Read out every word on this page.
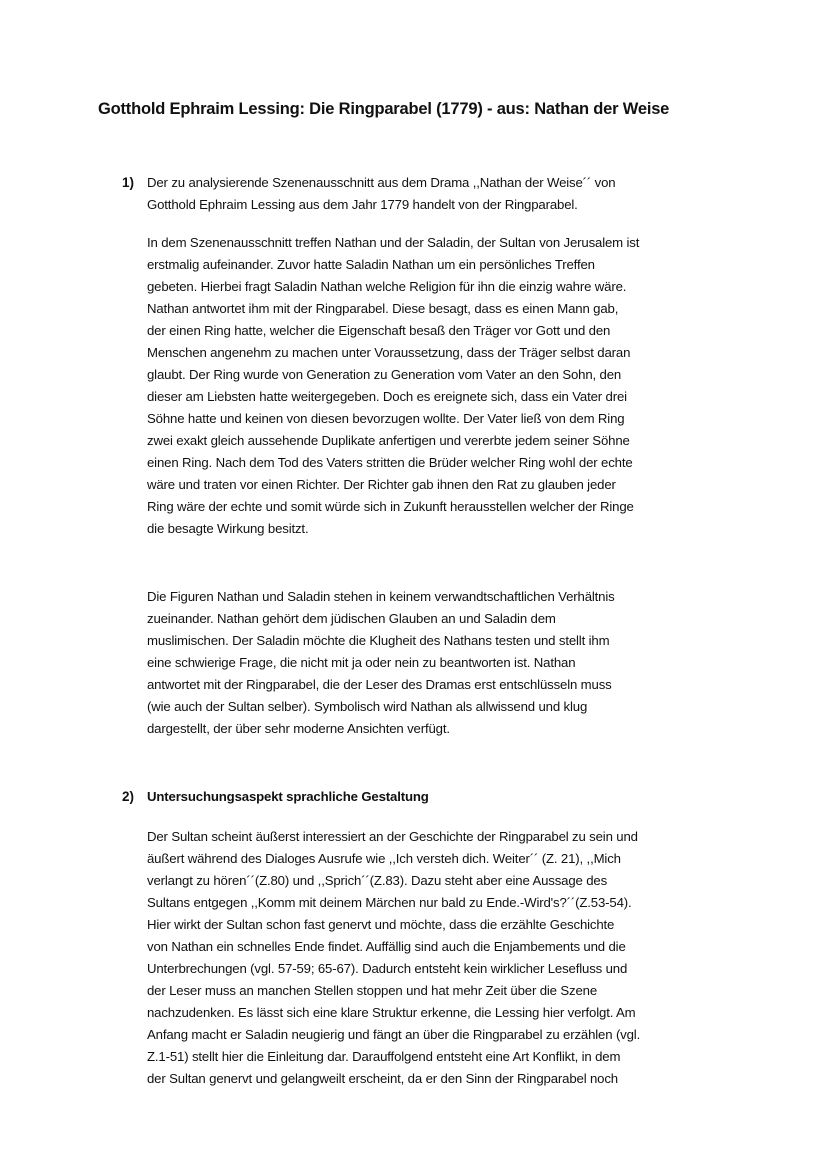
Gotthold Ephraim Lessing: Die Ringparabel (1779) - aus: Nathan der Weise
1) Der zu analysierende Szenenausschnitt aus dem Drama ,,Nathan der Weise´´ von
Gotthold Ephraim Lessing aus dem Jahr 1779 handelt von der Ringparabel.
In dem Szenenausschnitt treffen Nathan und der Saladin, der Sultan von Jerusalem ist
erstmalig aufeinander. Zuvor hatte Saladin Nathan um ein persönliches Treffen
gebeten. Hierbei fragt Saladin Nathan welche Religion für ihn die einzig wahre wäre.
Nathan antwortet ihm mit der Ringparabel. Diese besagt, dass es einen Mann gab,
der einen Ring hatte, welcher die Eigenschaft besaß den Träger vor Gott und den
Menschen angenehm zu machen unter Voraussetzung, dass der Träger selbst daran
glaubt. Der Ring wurde von Generation zu Generation vom Vater an den Sohn, den
dieser am Liebsten hatte weitergegeben. Doch es ereignete sich, dass ein Vater drei
Söhne hatte und keinen von diesen bevorzugen wollte. Der Vater ließ von dem Ring
zwei exakt gleich aussehende Duplikate anfertigen und vererbte jedem seiner Söhne
einen Ring. Nach dem Tod des Vaters stritten die Brüder welcher Ring wohl der echte
wäre und traten vor einen Richter. Der Richter gab ihnen den Rat zu glauben jeder
Ring wäre der echte und somit würde sich in Zukunft herausstellen welcher der Ringe
die besagte Wirkung besitzt.
Die Figuren Nathan und Saladin stehen in keinem verwandtschaftlichen Verhältnis
zueinander. Nathan gehört dem jüdischen Glauben an und Saladin dem
muslimischen. Der Saladin möchte die Klugheit des Nathans testen und stellt ihm
eine schwierige Frage, die nicht mit ja oder nein zu beantworten ist. Nathan
antwortet mit der Ringparabel, die der Leser des Dramas erst entschlüsseln muss
(wie auch der Sultan selber). Symbolisch wird Nathan als allwissend und klug
dargestellt, der über sehr moderne Ansichten verfügt.
2) Untersuchungsaspekt sprachliche Gestaltung
Der Sultan scheint äußerst interessiert an der Geschichte der Ringparabel zu sein und
äußert während des Dialoges Ausrufe wie ,,Ich versteh dich. Weiter´´ (Z. 21), ,,Mich
verlangt zu hören´´(Z.80) und ,,Sprich´´(Z.83). Dazu steht aber eine Aussage des
Sultans entgegen ,,Komm mit deinem Märchen nur bald zu Ende.-Wird's?´´(Z.53-54).
Hier wirkt der Sultan schon fast genervt und möchte, dass die erzählte Geschichte
von Nathan ein schnelles Ende findet. Auffällig sind auch die Enjambements und die
Unterbrechungen (vgl. 57-59; 65-67). Dadurch entsteht kein wirklicher Lesefluss und
der Leser muss an manchen Stellen stoppen und hat mehr Zeit über die Szene
nachzudenken. Es lässt sich eine klare Struktur erkenne, die Lessing hier verfolgt. Am
Anfang macht er Saladin neugierig und fängt an über die Ringparabel zu erzählen (vgl.
Z.1-51) stellt hier die Einleitung dar. Darauffolgend entsteht eine Art Konflikt, in dem
der Sultan genervt und gelangweilt erscheint, da er den Sinn der Ringparabel noch
